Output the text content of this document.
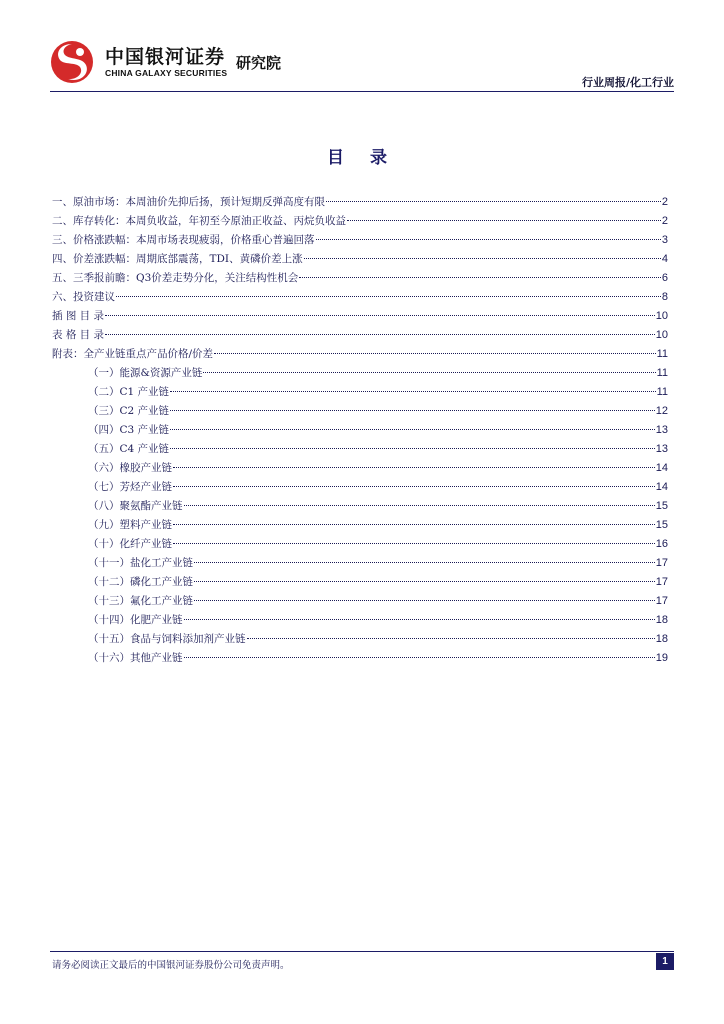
中国银河证券
CHINA GALAXY SECURITIES
研究院
行业周报/化工行业
目 录
一、原油市场：本周油价先抑后扬，预计短期反弹高度有限	2
二、库存转化：本周负收益，年初至今原油正收益、丙烷负收益	2
三、价格涨跌幅：本周市场表现疲弱，价格重心普遍回落	3
四、价差涨跌幅：周期底部震荡，TDI、黄磷价差上涨	4
五、三季报前瞻：Q3价差走势分化，关注结构性机会	6
六、投资建议	8
插 图 目 录	10
表 格 目 录	10
附表：全产业链重点产品价格/价差	11
（一）能源&资源产业链	11
（二）C1 产业链	11
（三）C2 产业链	12
（四）C3 产业链	13
（五）C4 产业链	13
（六）橡胶产业链	14
（七）芳烃产业链	14
（八）聚氨酯产业链	15
（九）塑料产业链	15
（十）化纤产业链	16
（十一）盐化工产业链	17
（十二）磷化工产业链	17
（十三）氟化工产业链	17
（十四）化肥产业链	18
（十五）食品与饲料添加剂产业链	18
（十六）其他产业链	19
请务必阅读正文最后的中国银河证券股份公司免责声明。	1
